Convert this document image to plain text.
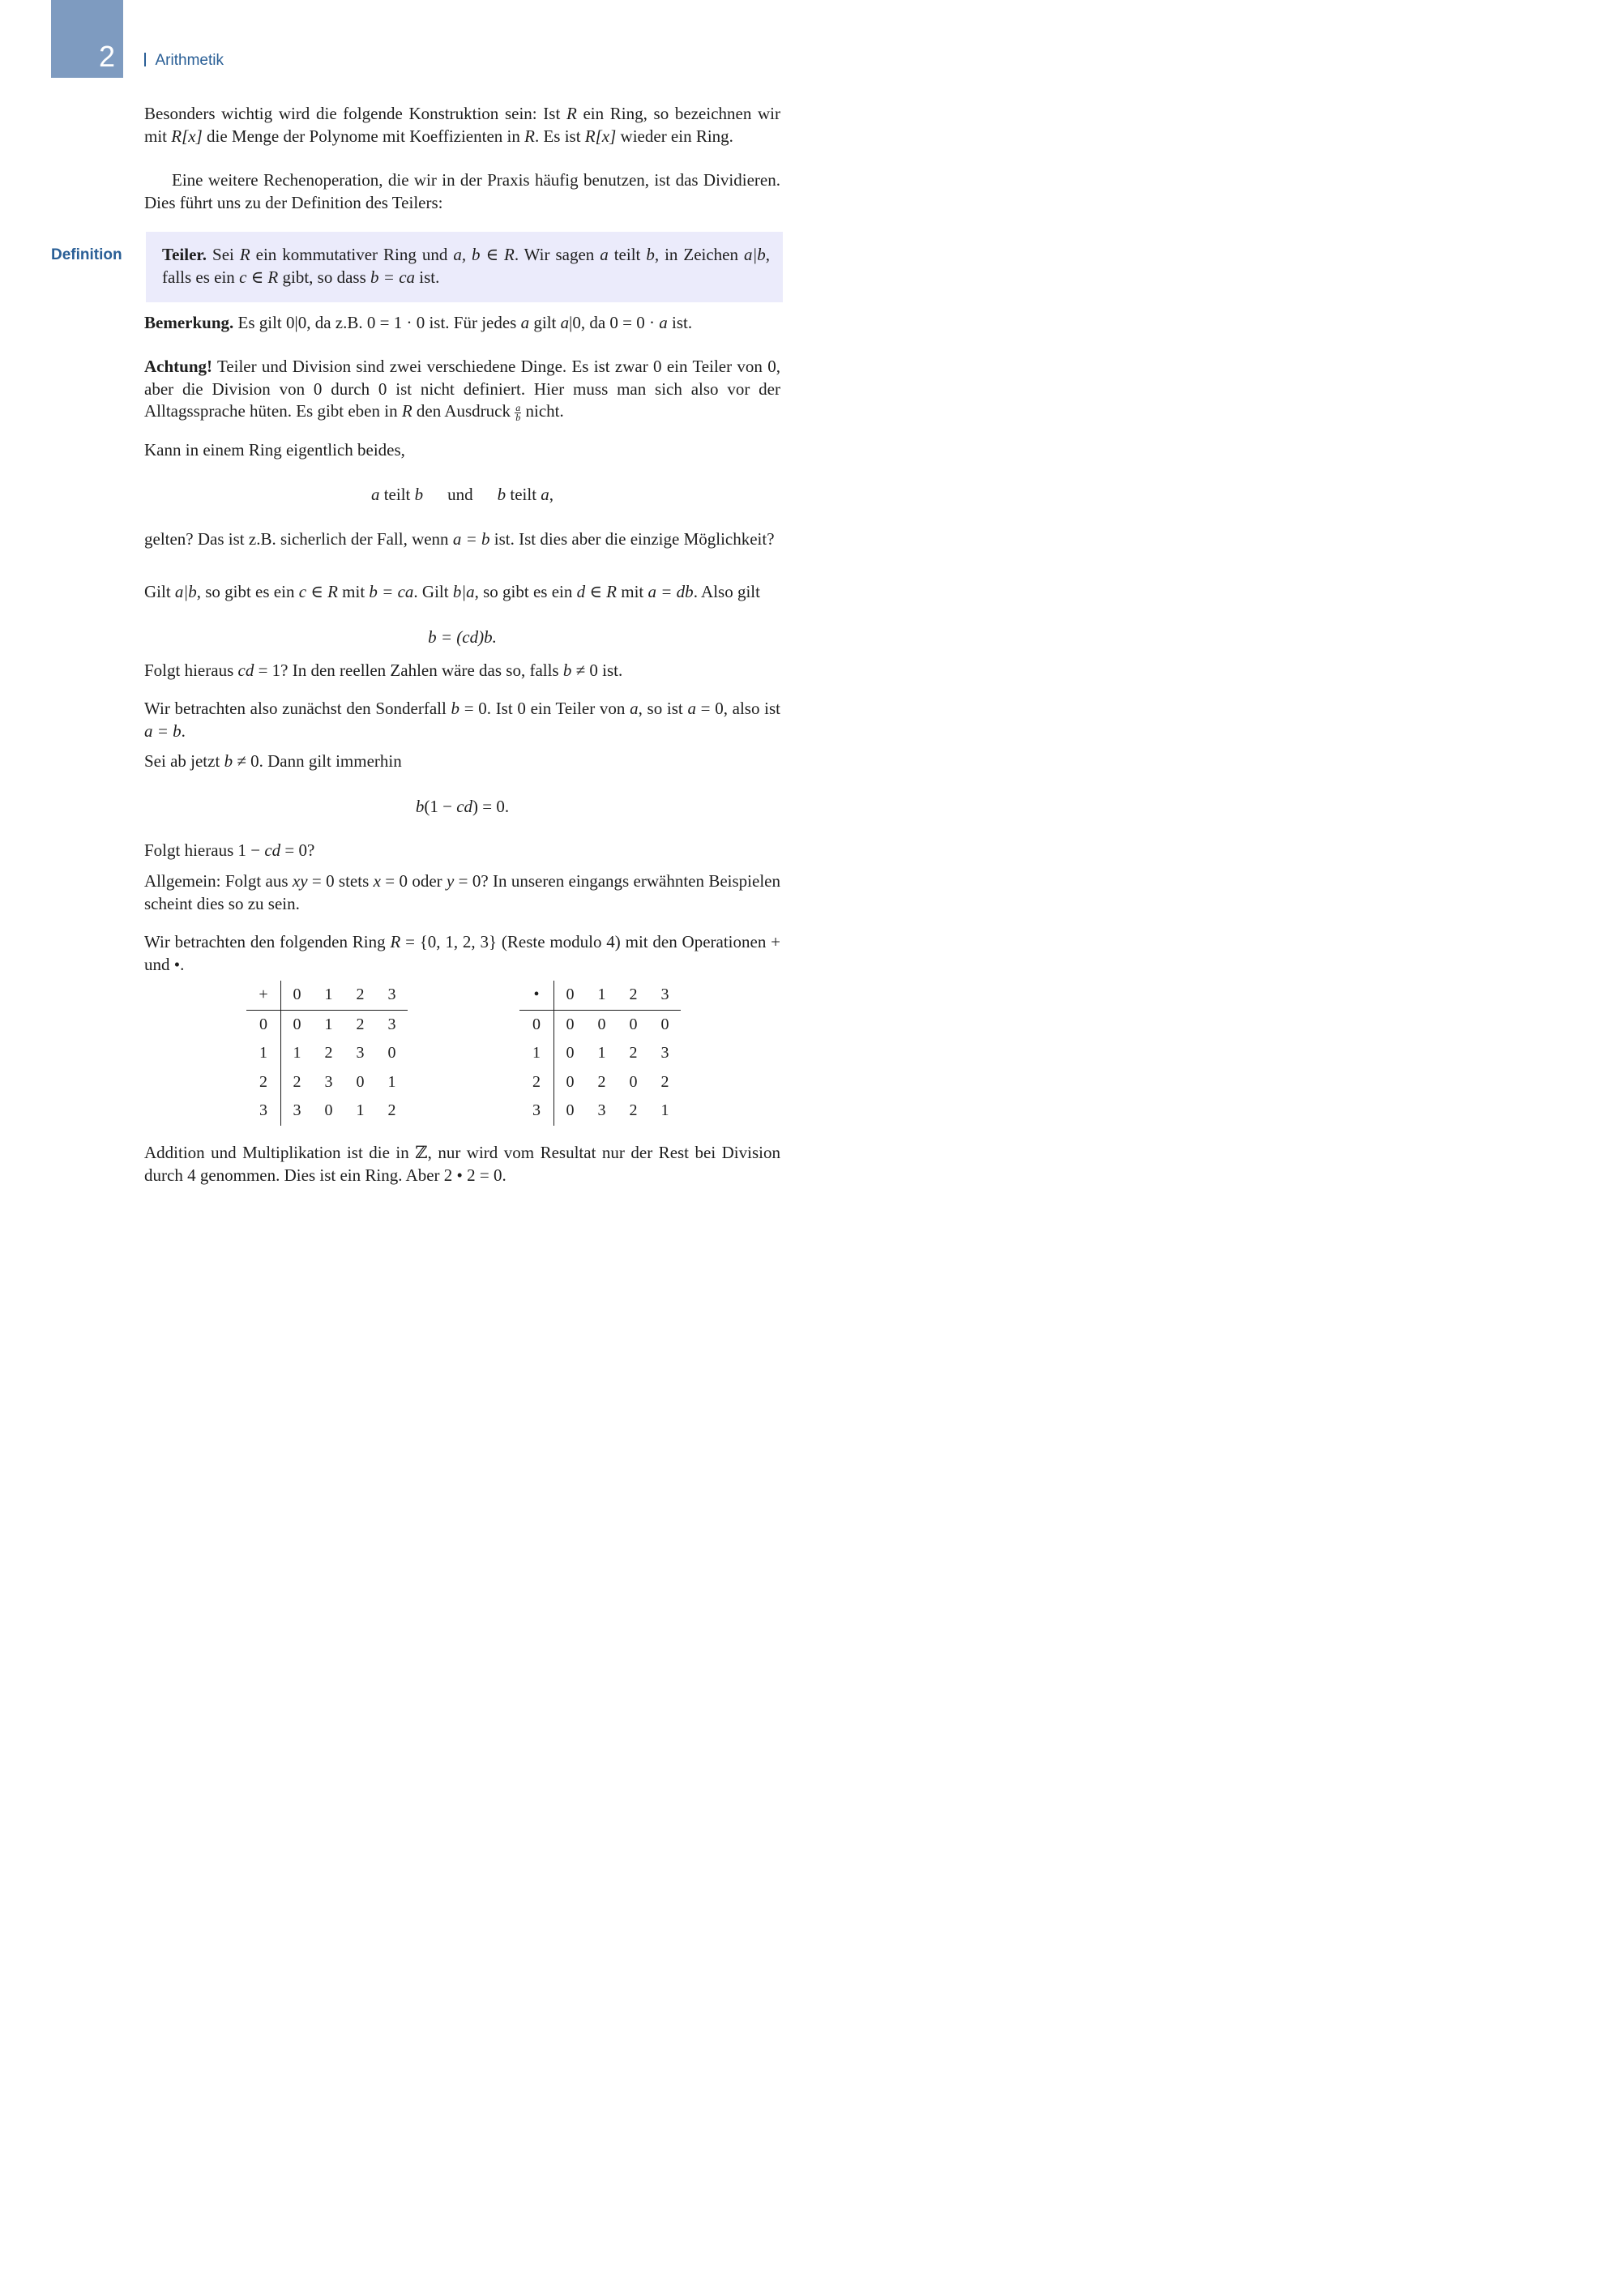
2	Arithmetik

Besonders wichtig wird die folgende Konstruktion sein: Ist R ein Ring, so bezeichnen wir mit R[x] die Menge der Polynome mit Koeffizienten in R. Es ist R[x] wieder ein Ring.

Eine weitere Rechenoperation, die wir in der Praxis häufig benutzen, ist das Dividieren. Dies führt uns zu der Definition des Teilers:

Definition Teiler. Sei R ein kommutativer Ring und a, b ∈ R. Wir sagen a teilt b, in Zeichen a|b, falls es ein c ∈ R gibt, so dass b = ca ist.

Bemerkung. Es gilt 0|0, da z.B. 0 = 1 · 0 ist. Für jedes a gilt a|0, da 0 = 0 · a ist.

Achtung! Teiler und Division sind zwei verschiedene Dinge. Es ist zwar 0 ein Teiler von 0, aber die Division von 0 durch 0 ist nicht definiert. Hier muss man sich also vor der Alltagssprache hüten. Es gibt eben in R den Ausdruck $\frac{a}{b}$ nicht.

Kann in einem Ring eigentlich beides,

a teilt b und b teilt a,

gelten? Das ist z.B. sicherlich der Fall, wenn a = b ist. Ist dies aber die einzige Möglichkeit?

Gilt a|b, so gibt es ein c ∈ R mit b = ca. Gilt b|a, so gibt es ein d ∈ R mit a = db. Also gilt

b = (cd)b.

Folgt hieraus cd = 1? In den reellen Zahlen wäre das so, falls b ≠ 0 ist.

Wir betrachten also zunächst den Sonderfall b = 0. Ist 0 ein Teiler von a, so ist a = 0, also ist a = b.

Sei ab jetzt b ≠ 0. Dann gilt immerhin

b(1 − cd) = 0.

Folgt hieraus 1 − cd = 0?

Allgemein: Folgt aus xy = 0 stets x = 0 oder y = 0? In unseren eingangs erwähnten Beispielen scheint dies so zu sein.

Wir betrachten den folgenden Ring R = {0, 1, 2, 3} (Reste modulo 4) mit den Operationen + und •.

+	0	1	2	3
0	0	1	2	3
1	1	2	3	0
2	2	3	0	1
3	3	0	1	2
•	0	1	2	3
0	0	0	0	0
1	0	1	2	3
2	0	2	0	2
3	0	3	2	1

Addition und Multiplikation ist die in ℤ, nur wird vom Resultat nur der Rest bei Division durch 4 genommen. Dies ist ein Ring. Aber 2 • 2 = 0.
